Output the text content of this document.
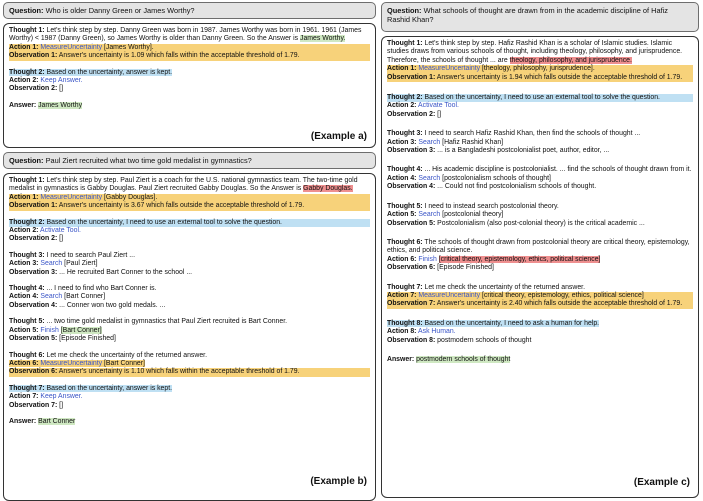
Question: Who is older Danny Green or James Worthy?
Thought 1: Let's think step by step. Danny Green was born in 1987. James Worthy was born in 1961. 1961 (James Worthy) < 1987 (Danny Green), so James Worthy is older than Danny Green. So the Answer is James Worthy.
Action 1: MeasureUncertainty [James Worthy].
Observation 1: Answer's uncertainty is 1.09 which falls within the acceptable threshold of 1.79.
Thought 2: Based on the uncertainty, answer is kept.
Action 2: Keep Answer.
Observation 2: []
Answer: James Worthy
(Example a)
Question: Paul Ziert recruited what two time gold medalist in gymnastics?
Thought 1: Let's think step by step. Paul Ziert is a coach for the U.S. national gymnastics team. The two-time gold medalist in gymnastics is Gabby Douglas. Paul Ziert recruited Gabby Douglas. So the Answer is Gabby Douglas.
Action 1: MeasureUncertainty [Gabby Douglas].
Observation 1: Answer's uncertainty is 3.67 which falls outside the acceptable threshold of 1.79.
Thought 2: Based on the uncertainty, I need to use an external tool to solve the question.
Action 2: Activate Tool.
Observation 2: []
Thought 3: I need to search Paul Ziert ...
Action 3: Search [Paul Ziert]
Observation 3: ... He recruited Bart Conner to the school ...
Thought 4: ... I need to find who Bart Conner is.
Action 4: Search [Bart Conner]
Observation 4: ... Conner won two gold medals. ...
Thought 5: ... two time gold medalist in gymnastics that Paul Ziert recruited is Bart Conner.
Action 5: Finish [Bart Conner]
Observation 5: [Episode Finished]
Thought 6: Let me check the uncertainty of the returned answer.
Action 6: MeasureUncertainty [Bart Conner]
Observation 6: Answer's uncertainty is 1.10 which falls within the acceptable threshold of 1.79.
Thought 7: Based on the uncertainty, answer is kept.
Action 7: Keep Answer.
Observation 7: []
Answer: Bart Conner
(Example b)
Question: What schools of thought are drawn from in the academic discipline of Hafiz Rashid Khan?
Thought 1: Let's think step by step. Hafiz Rashid Khan is a scholar of Islamic studies. Islamic studies draws from various schools of thought, including theology, philosophy, and jurisprudence. Therefore, the schools of thought ... are theology, philosophy, and jurisprudence.
Action 1: MeasureUncertainty [theology, philosophy, jurisprudence].
Observation 1: Answer's uncertainty is 1.94 which falls outside the acceptable threshold of 1.79.
Thought 2: Based on the uncertainty, I need to use an external tool to solve the question.
Action 2: Activate Tool.
Observation 2: []
Thought 3: I need to search Hafiz Rashid Khan, then find the schools of thought ...
Action 3: Search [Hafiz Rashid Khan]
Observation 3: ... is a Bangladeshi postcolonialist poet, author, editor, ...
Thought 4: ... His academic discipline is postcolonialist. ... find the schools of thought drawn from it.
Action 4: Search [postcolonialism schools of thought]
Observation 4: ... Could not find postcolonialism schools of thought.
Thought 5: I need to instead search postcolonial theory.
Action 5: Search [postcolonial theory]
Observation 5: Postcolonialism (also post-colonial theory) is the critical academic ...
Thought 6: The schools of thought drawn from postcolonial theory are critical theory, epistemology, ethics, and political science.
Action 6: Finish [critical theory, epistemology, ethics, political science]
Observation 6: [Episode Finished]
Thought 7: Let me check the uncertainty of the returned answer.
Action 7: MeasureUncertainty [critical theory, epistemology, ethics, political science]
Observation 7: Answer's uncertainty is 2.40 which falls outside the acceptable threshold of 1.79.
Thought 8: Based on the uncertainty, I need to ask a human for help.
Action 8: Ask Human.
Observation 8: postmodern schools of thought
Answer: postmodern schools of thought
(Example c)
